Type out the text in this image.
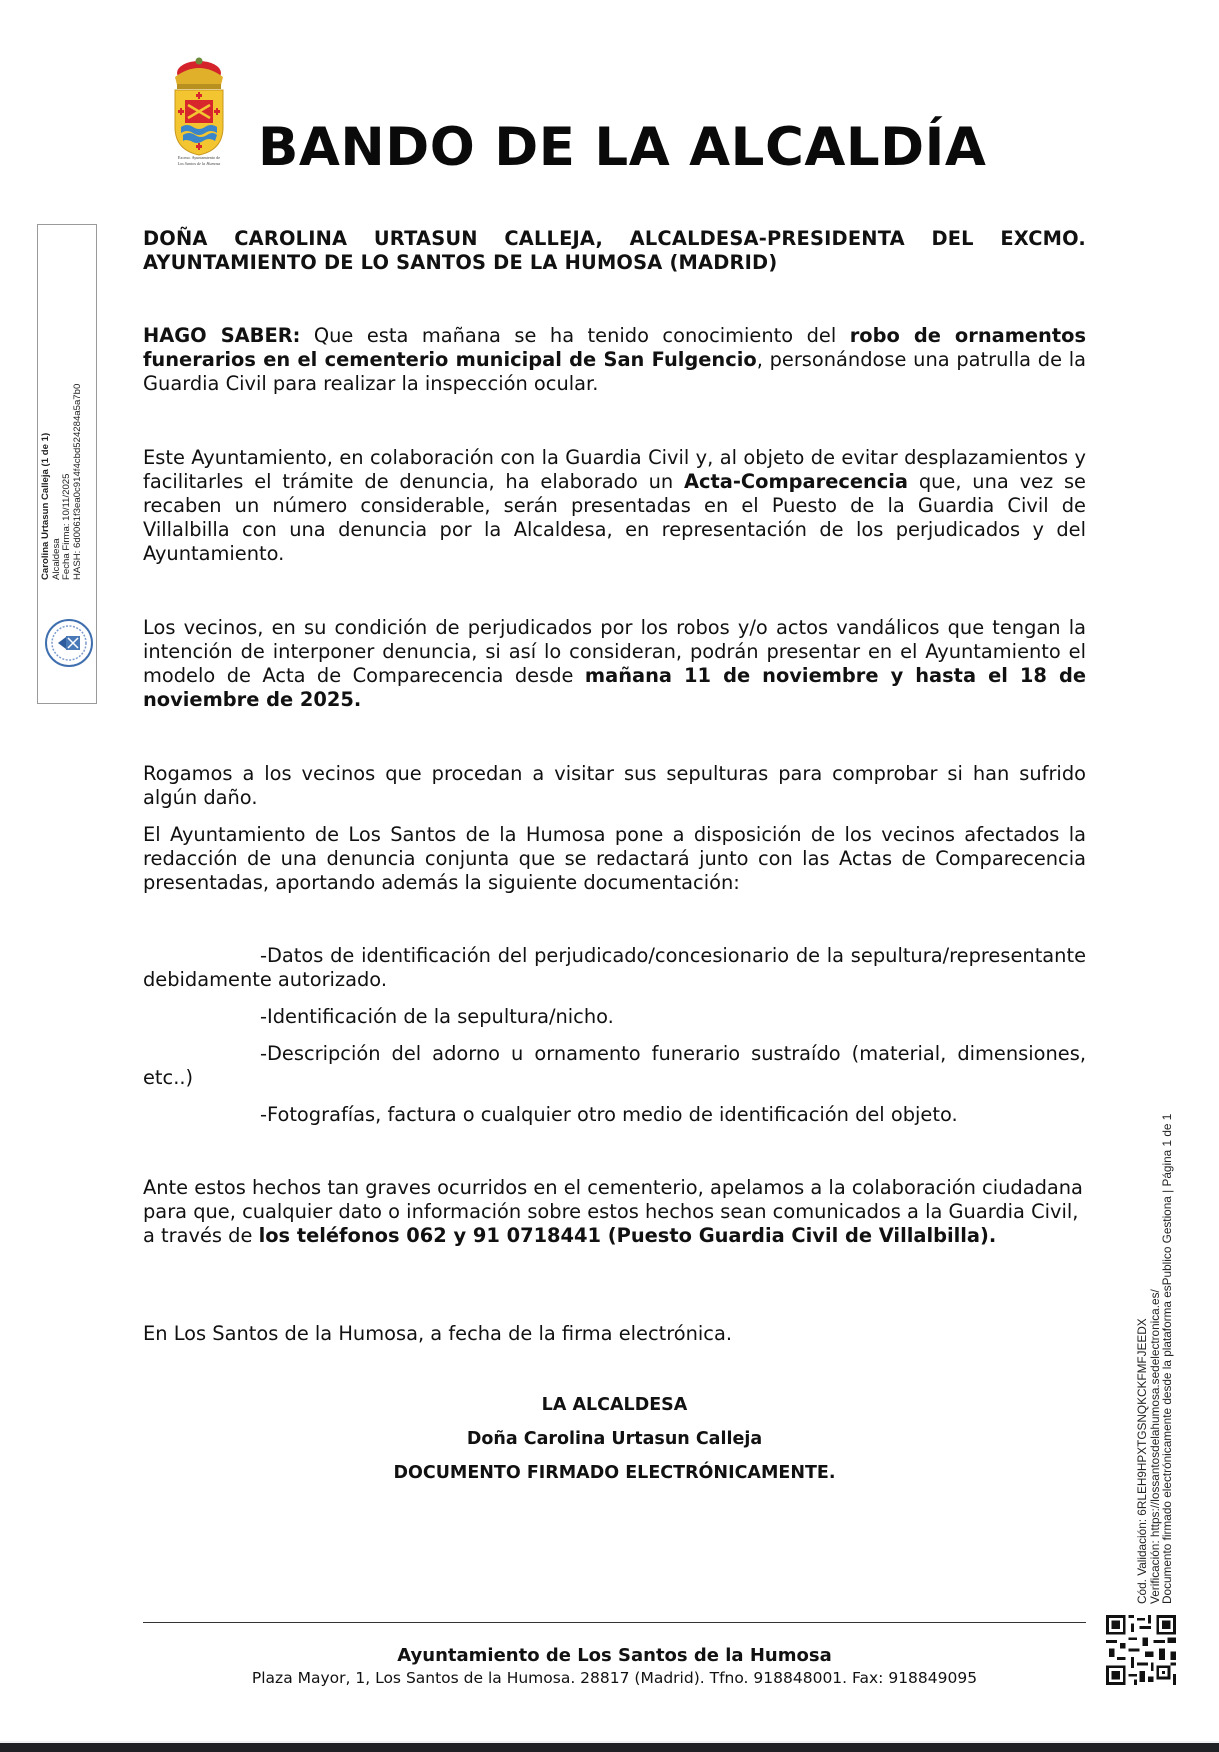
Excmo. Ayuntamiento de
Los Santos de la Humosa BANDO DE LA ALCALDÍA
Carolina Urtasun Calleja (1 de 1) Alcaldesa Fecha Firma: 10/11/2025 HASH: 6d0061f3ea0c914f4cbd524284a5a7b0
DOÑA CAROLINA URTASUN CALLEJA, ALCALDESA-PRESIDENTA DEL EXCMO. AYUNTAMIENTO DE LO SANTOS DE LA HUMOSA (MADRID)

HAGO SABER: Que esta mañana se ha tenido conocimiento del robo de ornamentos funerarios en el cementerio municipal de San Fulgencio, personándose una patrulla de la Guardia Civil para realizar la inspección ocular.

Este Ayuntamiento, en colaboración con la Guardia Civil y, al objeto de evitar desplazamientos y facilitarles el trámite de denuncia, ha elaborado un Acta-Comparecencia que, una vez se recaben un número considerable, serán presentadas en el Puesto de la Guardia Civil de Villalbilla con una denuncia por la Alcaldesa, en representación de los perjudicados y del Ayuntamiento.

Los vecinos, en su condición de perjudicados por los robos y/o actos vandálicos que tengan la intención de interponer denuncia, si así lo consideran, podrán presentar en el Ayuntamiento el modelo de Acta de Comparecencia desde mañana 11 de noviembre y hasta el 18 de noviembre de 2025.

Rogamos a los vecinos que procedan a visitar sus sepulturas para comprobar si han sufrido algún daño.

El Ayuntamiento de Los Santos de la Humosa pone a disposición de los vecinos afectados la redacción de una denuncia conjunta que se redactará junto con las Actas de Comparecencia presentadas, aportando además la siguiente documentación:

-Datos de identificación del perjudicado/concesionario de la sepultura/representante debidamente autorizado.
-Identificación de la sepultura/nicho.
-Descripción del adorno u ornamento funerario sustraído (material, dimensiones, etc..)
-Fotografías, factura o cualquier otro medio de identificación del objeto.

Ante estos hechos tan graves ocurridos en el cementerio, apelamos a la colaboración ciudadana para que, cualquier dato o información sobre estos hechos sean comunicados a la Guardia Civil, a través de los teléfonos 062 y 91 0718441 (Puesto Guardia Civil de Villalbilla).

En Los Santos de la Humosa, a fecha de la firma electrónica.

LA ALCALDESA
Doña Carolina Urtasun Calleja
DOCUMENTO FIRMADO ELECTRÓNICAMENTE.
Ayuntamiento de Los Santos de la Humosa
Plaza Mayor, 1, Los Santos de la Humosa. 28817 (Madrid). Tfno. 918848001. Fax: 918849095
Cód. Validación: 6RLEH9HPXTGSNQKCKFMFJEEDX
Verificación: https://lossantosdelahumosa.sedelectronica.es/
Documento firmado electrónicamente desde la plataforma esPublico Gestiona | Página 1 de 1
